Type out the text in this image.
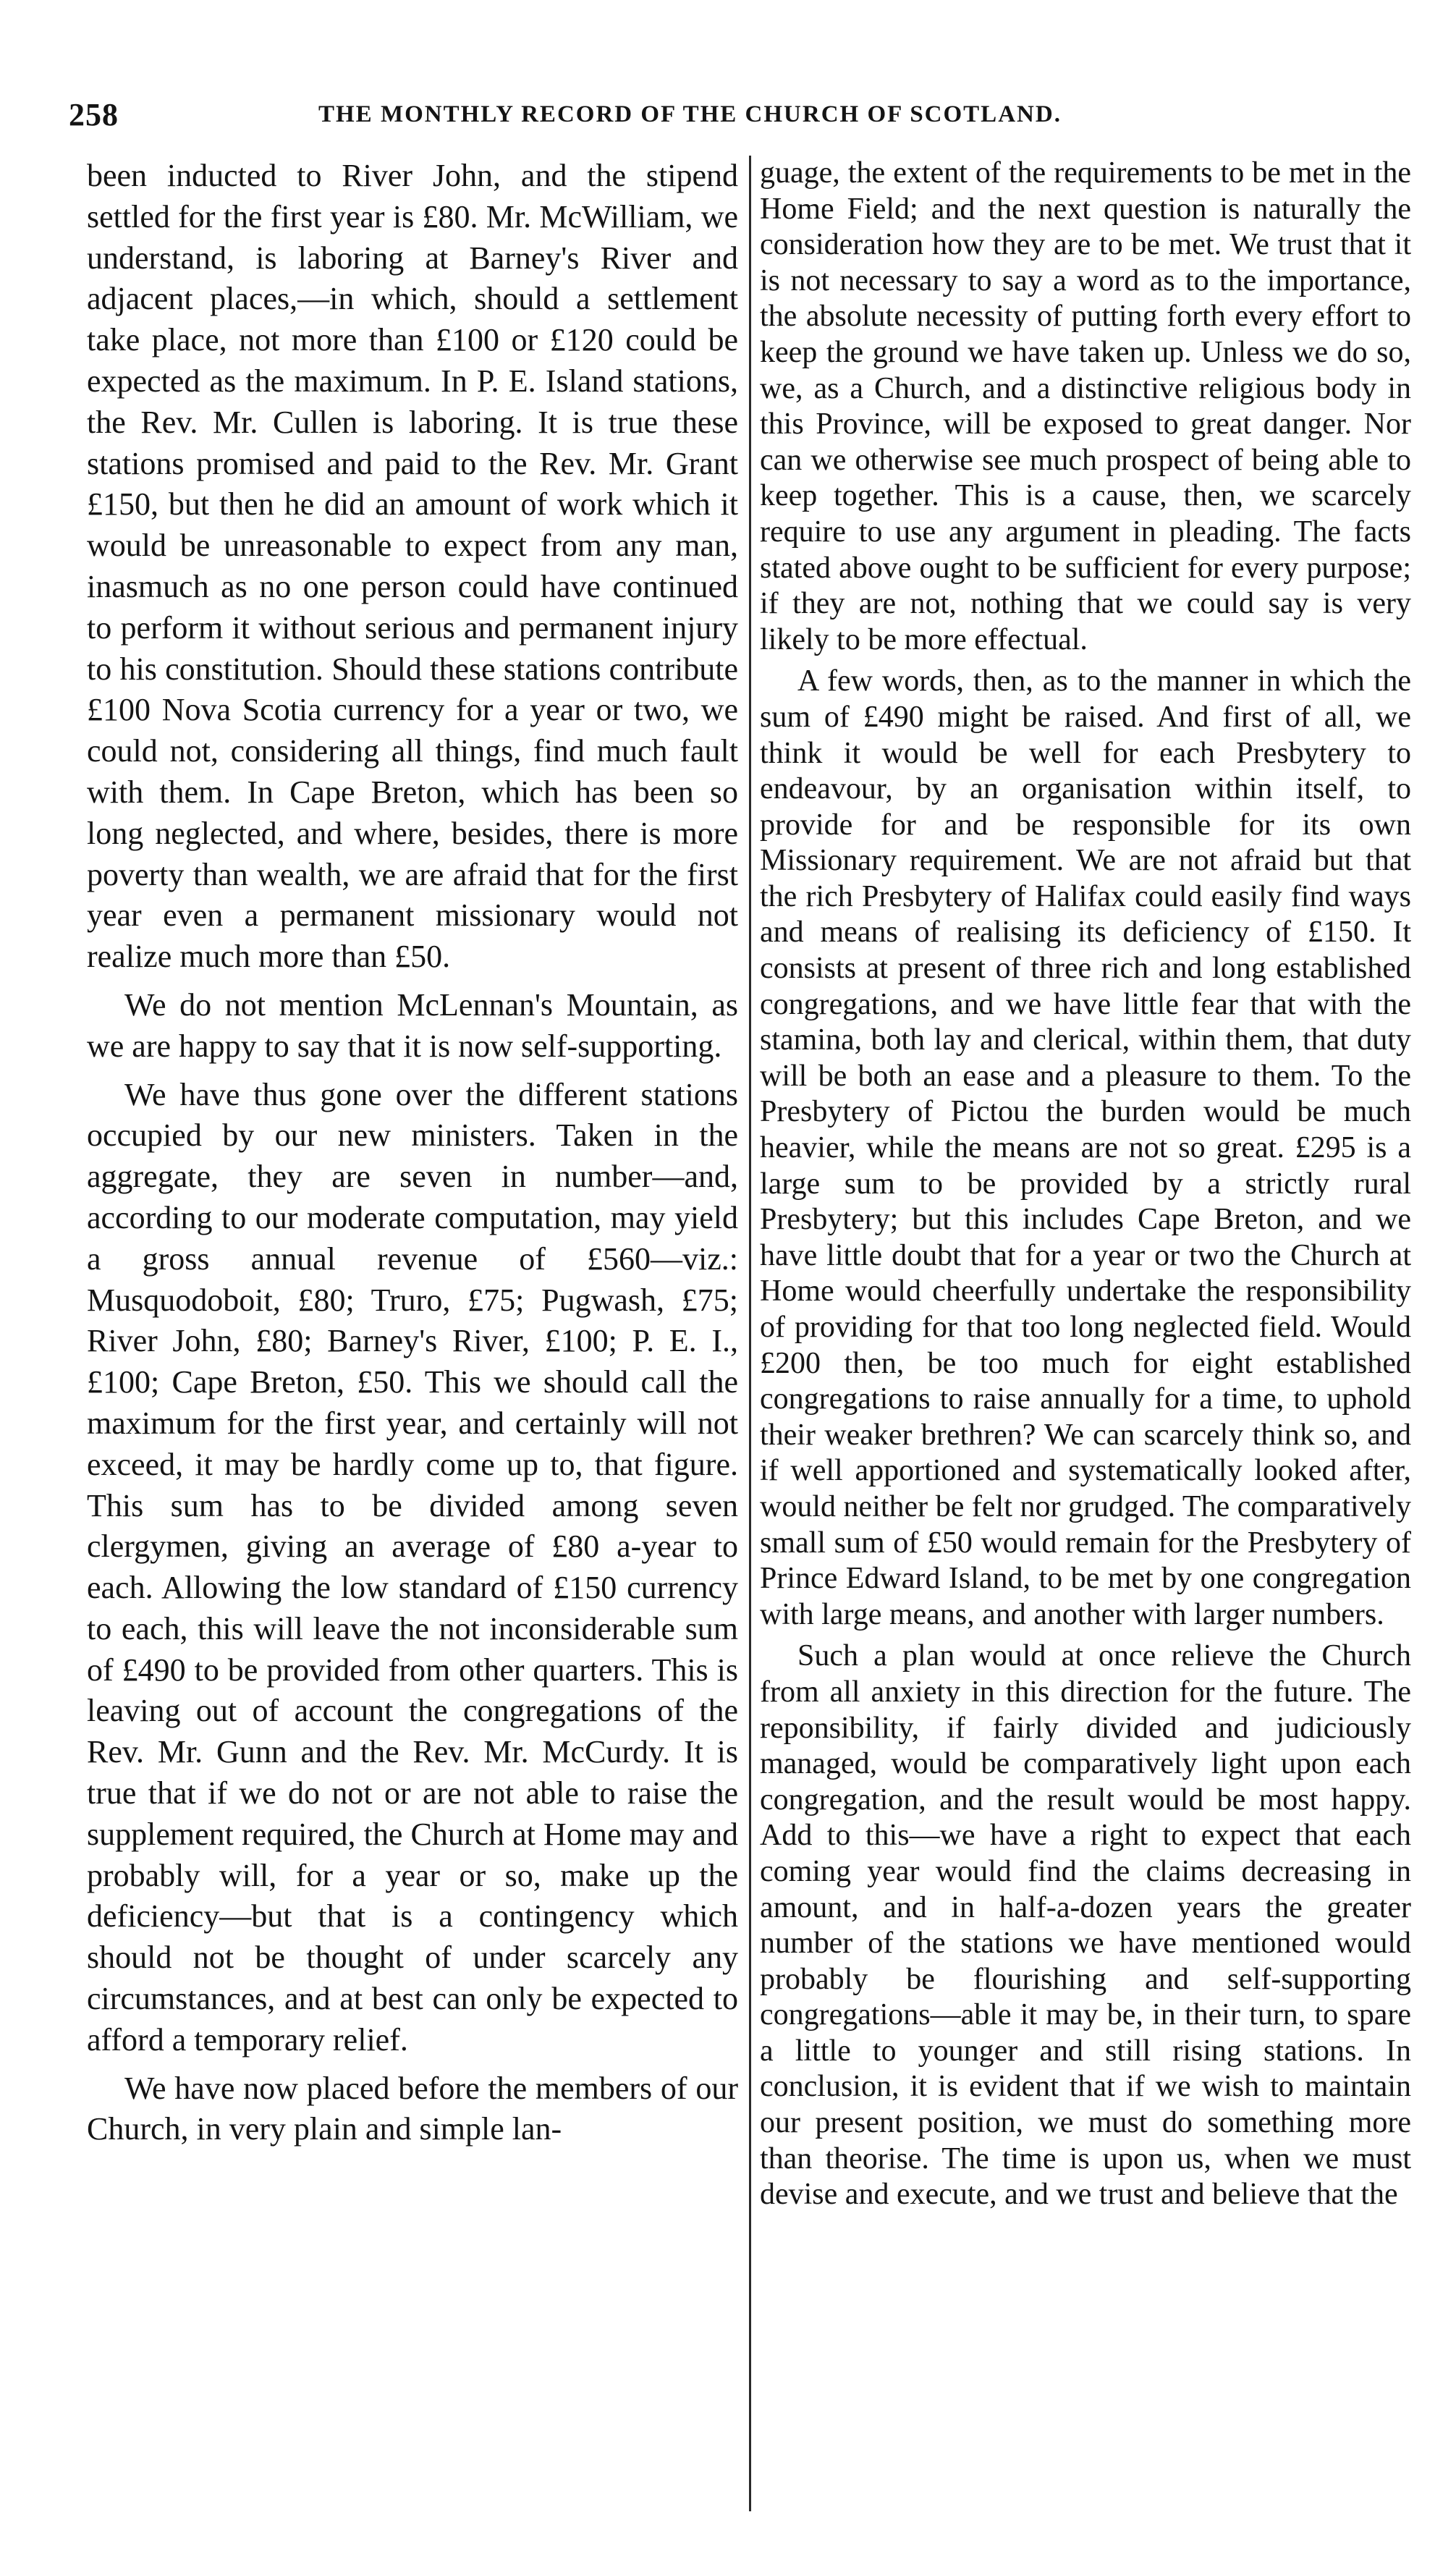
258	THE MONTHLY RECORD OF THE CHURCH OF SCOTLAND.

been inducted to River John, and the stipend settled for the first year is £80. Mr. McWilliam, we understand, is laboring at Barney's River and adjacent places,—in which, should a settlement take place, not more than £100 or £120 could be expected as the maximum. In P. E. Island stations, the Rev. Mr. Cullen is laboring. It is true these stations promised and paid to the Rev. Mr. Grant £150, but then he did an amount of work which it would be unreasonable to expect from any man, inasmuch as no one person could have continued to perform it without serious and permanent injury to his constitution. Should these stations contribute £100 Nova Scotia currency for a year or two, we could not, considering all things, find much fault with them. In Cape Breton, which has been so long neglected, and where, besides, there is more poverty than wealth, we are afraid that for the first year even a permanent missionary would not realize much more than £50.

We do not mention McLennan's Mountain, as we are happy to say that it is now self-supporting.

We have thus gone over the different stations occupied by our new ministers. Taken in the aggregate, they are seven in number—and, according to our moderate computation, may yield a gross annual revenue of £560—viz.: Musquodoboit, £80; Truro, £75; Pugwash, £75; River John, £80; Barney's River, £100; P. E. I., £100; Cape Breton, £50. This we should call the maximum for the first year, and certainly will not exceed, it may be hardly come up to, that figure. This sum has to be divided among seven clergymen, giving an average of £80 a-year to each. Allowing the low standard of £150 currency to each, this will leave the not inconsiderable sum of £490 to be provided from other quarters. This is leaving out of account the congregations of the Rev. Mr. Gunn and the Rev. Mr. McCurdy. It is true that if we do not or are not able to raise the supplement required, the Church at Home may and probably will, for a year or so, make up the deficiency—but that is a contingency which should not be thought of under scarcely any circumstances, and at best can only be expected to afford a temporary relief.

We have now placed before the members of our Church, in very plain and simple lan-

guage, the extent of the requirements to be met in the Home Field; and the next question is naturally the consideration how they are to be met. We trust that it is not necessary to say a word as to the importance, the absolute necessity of putting forth every effort to keep the ground we have taken up. Unless we do so, we, as a Church, and a distinctive religious body in this Province, will be exposed to great danger. Nor can we otherwise see much prospect of being able to keep together. This is a cause, then, we scarcely require to use any argument in pleading. The facts stated above ought to be sufficient for every purpose; if they are not, nothing that we could say is very likely to be more effectual.

A few words, then, as to the manner in which the sum of £490 might be raised. And first of all, we think it would be well for each Presbytery to endeavour, by an organisation within itself, to provide for and be responsible for its own Missionary requirement. We are not afraid but that the rich Presbytery of Halifax could easily find ways and means of realising its deficiency of £150. It consists at present of three rich and long established congregations, and we have little fear that with the stamina, both lay and clerical, within them, that duty will be both an ease and a pleasure to them. To the Presbytery of Pictou the burden would be much heavier, while the means are not so great. £295 is a large sum to be provided by a strictly rural Presbytery; but this includes Cape Breton, and we have little doubt that for a year or two the Church at Home would cheerfully undertake the responsibility of providing for that too long neglected field. Would £200 then, be too much for eight established congregations to raise annually for a time, to uphold their weaker brethren? We can scarcely think so, and if well apportioned and systematically looked after, would neither be felt nor grudged. The comparatively small sum of £50 would remain for the Presbytery of Prince Edward Island, to be met by one congregation with large means, and another with larger numbers.

Such a plan would at once relieve the Church from all anxiety in this direction for the future. The reponsibility, if fairly divided and judiciously managed, would be comparatively light upon each congregation, and the result would be most happy. Add to this—we have a right to expect that each coming year would find the claims decreasing in amount, and in half-a-dozen years the greater number of the stations we have mentioned would probably be flourishing and self-supporting congregations—able it may be, in their turn, to spare a little to younger and still rising stations. In conclusion, it is evident that if we wish to maintain our present position, we must do something more than theorise. The time is upon us, when we must devise and execute, and we trust and believe that the
